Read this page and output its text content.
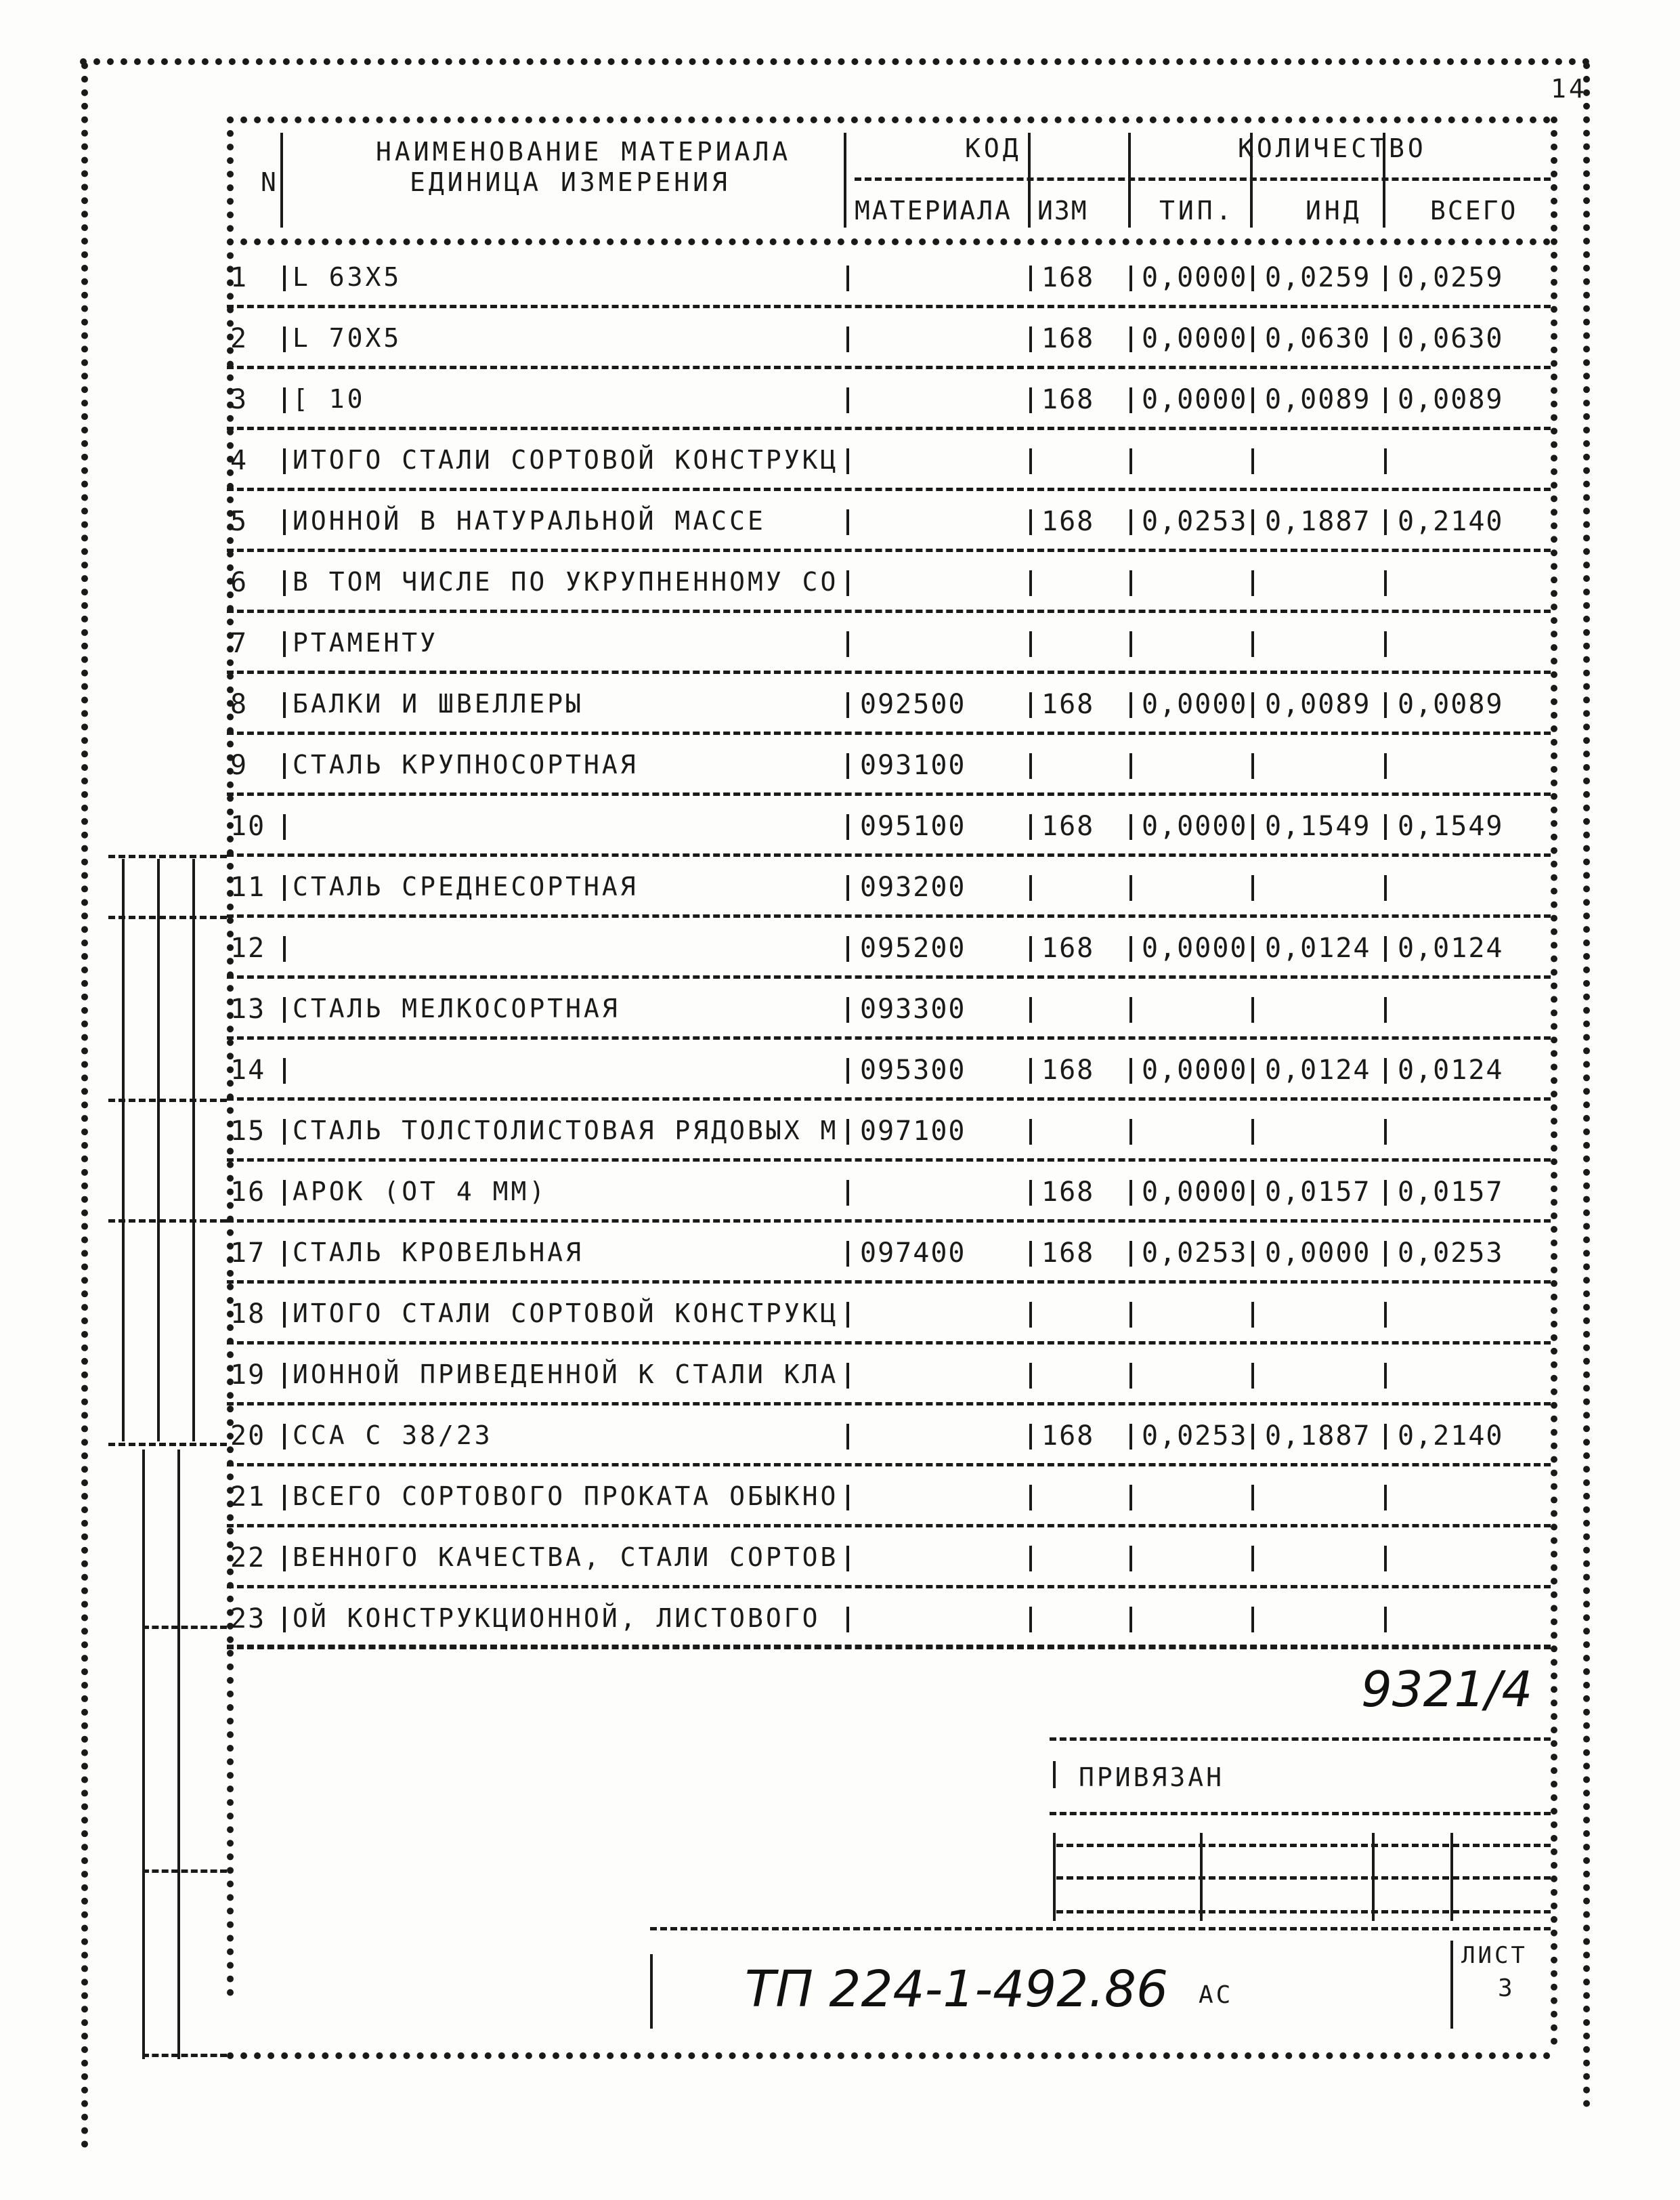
14
N
НАИМЕНОВАНИЕ МАТЕРИАЛА
ЕДИНИЦА ИЗМЕРЕНИЯ
КОД
МАТЕРИАЛА ИЗМ
КОЛИЧЕСТВО
ТИП.	ИНД	ВСЕГО
1 L 63X5	168 0,0000 0,0259 0,0259
2 L 70X5	168 0,0000 0,0630 0,0630
3 [ 10	168 0,0000 0,0089 0,0089
4 ИТОГО СТАЛИ СОРТОВОЙ КОНСТРУКЦ
5 ИОННОЙ В НАТУРАЛЬНОЙ МАССЕ	168 0,0253 0,1887 0,2140
6 В ТОМ ЧИСЛЕ ПО УКРУПНЕННОМУ СО
7 РТАМЕНТУ
8 БАЛКИ И ШВЕЛЛЕРЫ	092500	168 0,0000 0,0089 0,0089
9 СТАЛЬ КРУПНОСОРТНАЯ	093100
10	095100	168 0,0000 0,1549 0,1549
11 СТАЛЬ СРЕДНЕСОРТНАЯ	093200
12	095200	168 0,0000 0,0124 0,0124
13 СТАЛЬ МЕЛКОСОРТНАЯ	093300
14	095300	168 0,0000 0,0124 0,0124
15 СТАЛЬ ТОЛСТОЛИСТОВАЯ РЯДОВЫХ М 097100
16 АРОК (ОТ 4 ММ)	168 0,0000 0,0157 0,0157
17 СТАЛЬ КРОВЕЛЬНАЯ	097400	168 0,0253 0,0000 0,0253
18 ИТОГО СТАЛИ СОРТОВОЙ КОНСТРУКЦ
19 ИОННОЙ ПРИВЕДЕННОЙ К СТАЛИ КЛА
20 ССА С 38/23	168 0,0253 0,1887 0,2140
21 ВСЕГО СОРТОВОГО ПРОКАТА ОБЫКНО
22 ВЕННОГО КАЧЕСТВА, СТАЛИ СОРТОВ
23 ОЙ КОНСТРУКЦИОННОЙ, ЛИСТОВОГО
9321/4
ПРИВЯЗАН
ТП 224-1-492.86 АС
ЛИСТ
3
